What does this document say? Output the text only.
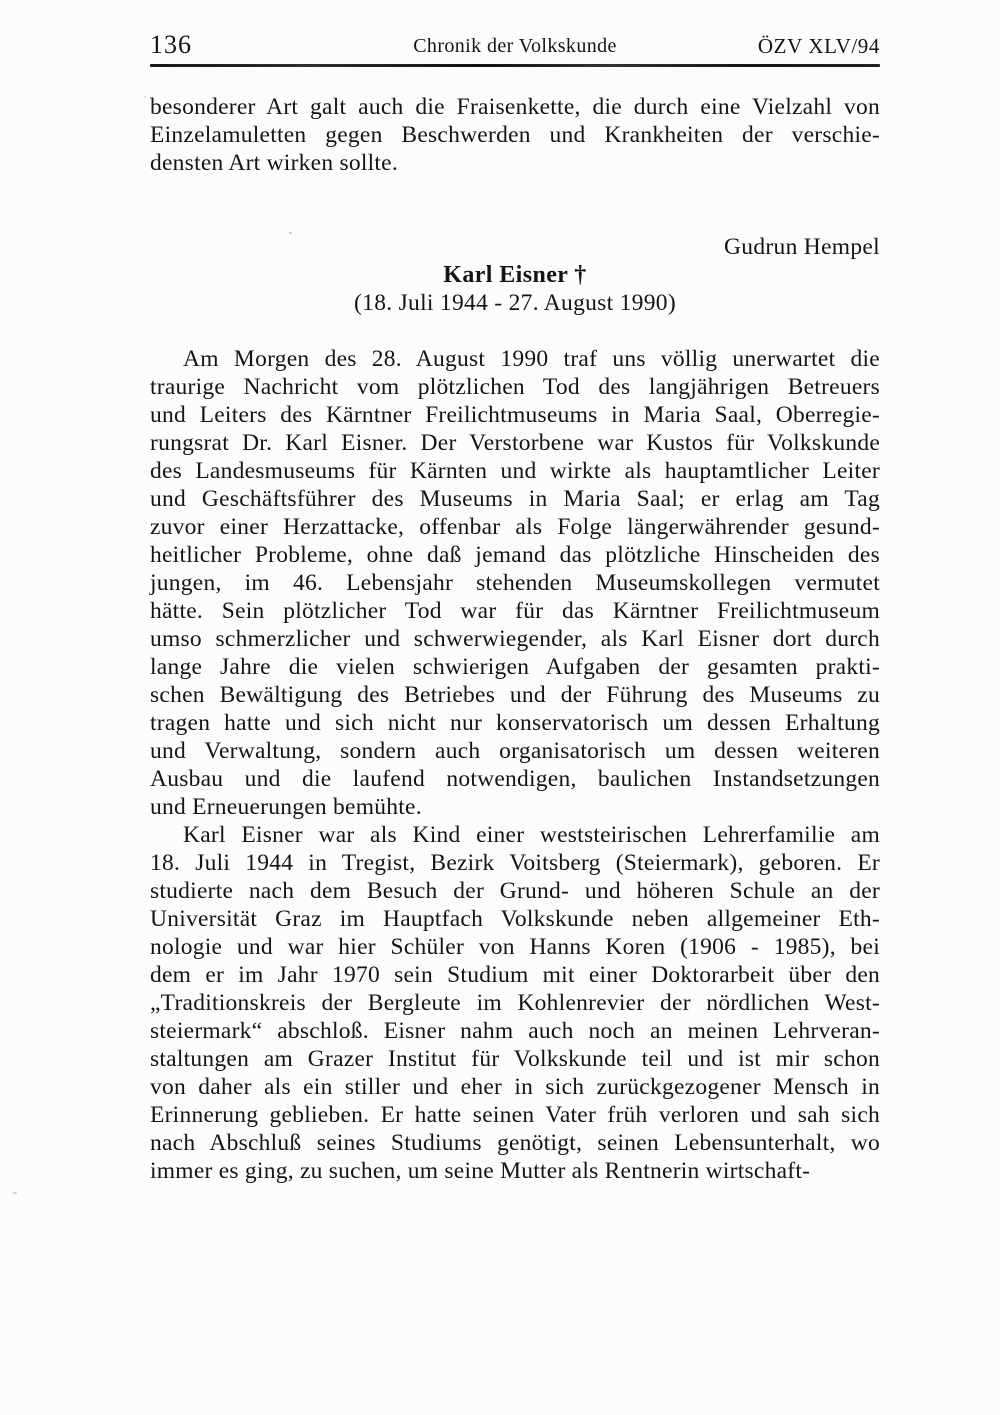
136	Chronik der Volkskunde	ÖZV XLV/94
besonderer Art galt auch die Fraisenkette, die durch eine Vielzahl von
Einzelamuletten gegen Beschwerden und Krankheiten der verschie-
densten Art wirken sollte.
Gudrun Hempel
Karl Eisner †
(18. Juli 1944 - 27. August 1990)
Am Morgen des 28. August 1990 traf uns völlig unerwartet die
traurige Nachricht vom plötzlichen Tod des langjährigen Betreuers
und Leiters des Kärntner Freilichtmuseums in Maria Saal, Oberregie-
rungsrat Dr. Karl Eisner. Der Verstorbene war Kustos für Volkskunde
des Landesmuseums für Kärnten und wirkte als hauptamtlicher Leiter
und Geschäftsführer des Museums in Maria Saal; er erlag am Tag
zuvor einer Herzattacke, offenbar als Folge längerwährender gesund-
heitlicher Probleme, ohne daß jemand das plötzliche Hinscheiden des
jungen, im 46. Lebensjahr stehenden Museumskollegen vermutet
hätte. Sein plötzlicher Tod war für das Kärntner Freilichtmuseum
umso schmerzlicher und schwerwiegender, als Karl Eisner dort durch
lange Jahre die vielen schwierigen Aufgaben der gesamten prakti-
schen Bewältigung des Betriebes und der Führung des Museums zu
tragen hatte und sich nicht nur konservatorisch um dessen Erhaltung
und Verwaltung, sondern auch organisatorisch um dessen weiteren
Ausbau und die laufend notwendigen, baulichen Instandsetzungen
und Erneuerungen bemühte.
Karl Eisner war als Kind einer weststeirischen Lehrerfamilie am
18. Juli 1944 in Tregist, Bezirk Voitsberg (Steiermark), geboren. Er
studierte nach dem Besuch der Grund- und höheren Schule an der
Universität Graz im Hauptfach Volkskunde neben allgemeiner Eth-
nologie und war hier Schüler von Hanns Koren (1906 - 1985), bei
dem er im Jahr 1970 sein Studium mit einer Doktorarbeit über den
„Traditionskreis der Bergleute im Kohlenrevier der nördlichen West-
steiermark“ abschloß. Eisner nahm auch noch an meinen Lehrveran-
staltungen am Grazer Institut für Volkskunde teil und ist mir schon
von daher als ein stiller und eher in sich zurückgezogener Mensch in
Erinnerung geblieben. Er hatte seinen Vater früh verloren und sah sich
nach Abschluß seines Studiums genötigt, seinen Lebensunterhalt, wo
immer es ging, zu suchen, um seine Mutter als Rentnerin wirtschaft-
